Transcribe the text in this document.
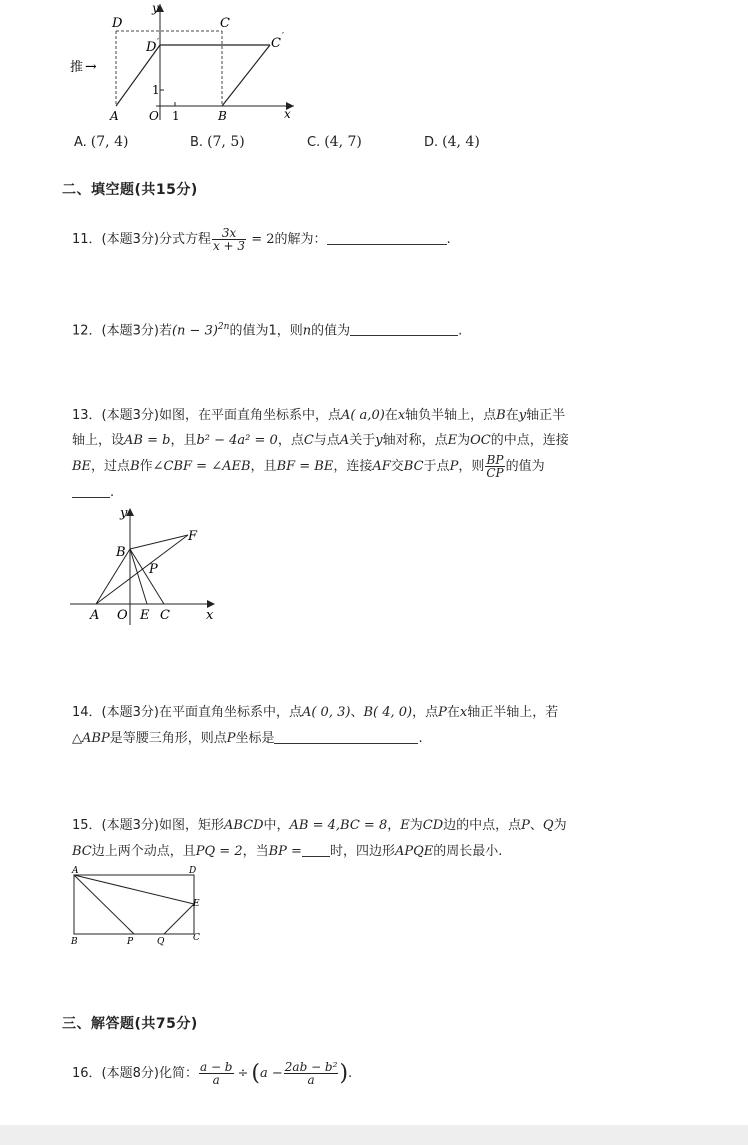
D	C
D ′	C ′
推 →
y
x
A	O 1
1
B
A. (7, 4)	B. (7, 5)	C. (4, 7)	D. (4, 4)
二、填空题(共15分)
11．(本题3分)分式方程 $\frac{3x}{x + 3} = 2$的解为：	.
12．(本题3分)若$(n - 3)^{2n}$的值为1，则n的值为	.
13．(本题3分)如图，在平面直角坐标系中，点A( a,0)在x轴负半轴上，点B在y轴正半
轴上，设AB = b，且b² − 4a² = 0，点C与点A关于y轴对称，点E为OC的中点，连接
BE，过点B作∠CBF = ∠AEB，且BF = BE，连接AF交BC于点P，则 $\frac{BP}{CP}$ 的值为
.
y
F
B
P
A O E C	x
14．(本题3分)在平面直角坐标系中，点A( 0, 3)、B( 4, 0)，点P在x轴正半轴上，若
△ABP是等腰三角形，则点P坐标是	.
15．(本题3分)如图，矩形ABCD中，AB = 4,BC = 8，E为CD边的中点，点P、Q为
BC边上两个动点，且PQ = 2，当BP = 时，四边形APQE的周长最小.
A	D
E
B	P	Q	C
三、解答题(共75分)
16．(本题8分)化简： $\frac{a - b}{a} \div (a - \frac{\text{2ab − b²}}{a}$ ).
